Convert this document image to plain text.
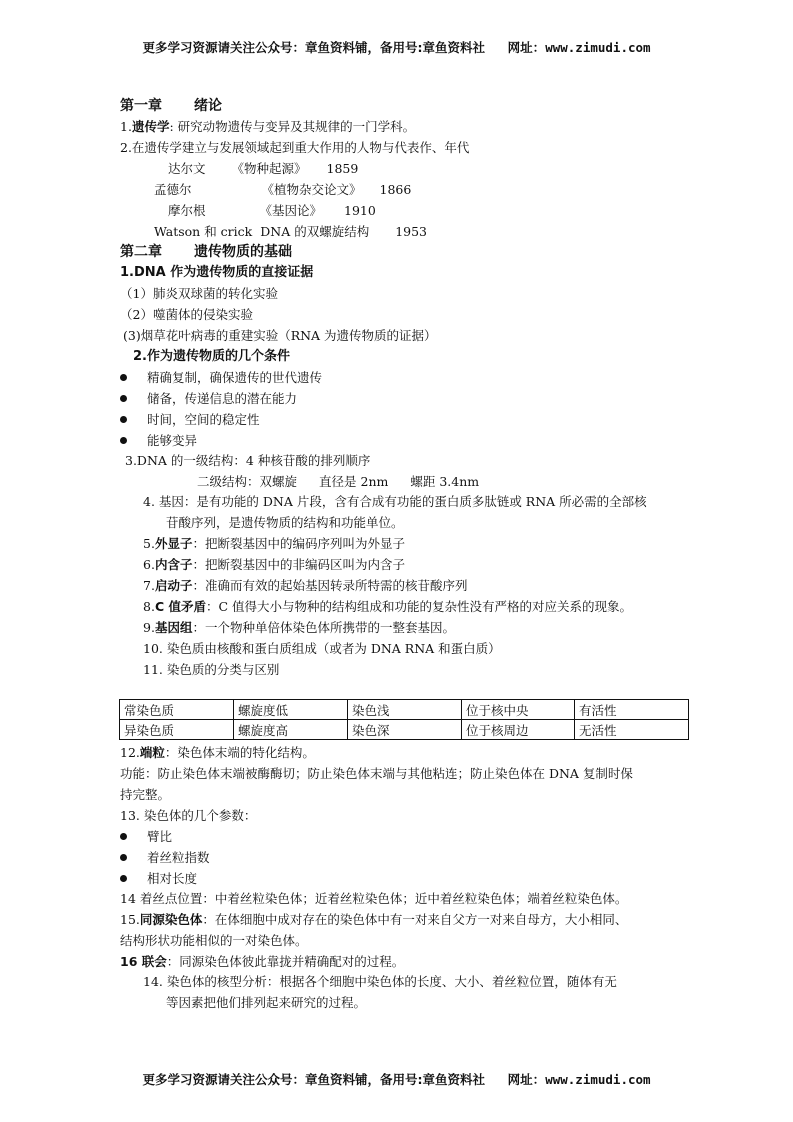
更多学习资源请关注公众号：章鱼资料铺，备用号:章鱼资料社 网址：www.zimudi.com
第一章 绪论
1.遗传学: 研究动物遗传与变异及其规律的一门学科。
2.在遗传学建立与发展领域起到重大作用的人物与代表作、年代
达尔文 《物种起源》 1859
孟德尔	《植物杂交论文》 1866
摩尔根	《基因论》 1910
Watson 和 crick DNA 的双螺旋结构 1953
第二章 遗传物质的基础
1.DNA 作为遗传物质的直接证据
（1）肺炎双球菌的转化实验
（2）噬菌体的侵染实验
(3)烟草花叶病毒的重建实验（RNA 为遗传物质的证据）
2.作为遗传物质的几个条件
精确复制，确保遗传的世代遗传
储备，传递信息的潜在能力
时间，空间的稳定性
能够变异
3.DNA 的一级结构：4 种核苷酸的排列顺序
二级结构：双螺旋 直径是 2nm 螺距 3.4nm
4. 基因：是有功能的 DNA 片段，含有合成有功能的蛋白质多肽链或 RNA 所必需的全部核
苷酸序列，是遗传物质的结构和功能单位。
5.外显子：把断裂基因中的编码序列叫为外显子
6.内含子：把断裂基因中的非编码区叫为内含子
7.启动子：准确而有效的起始基因转录所特需的核苷酸序列
8.C 值矛盾：C 值得大小与物种的结构组成和功能的复杂性没有严格的对应关系的现象。
9.基因组：一个物种单倍体染色体所携带的一整套基因。
10. 染色质由核酸和蛋白质组成（或者为 DNA RNA 和蛋白质）
11. 染色质的分类与区别
常染色质	螺旋度低	染色浅	位于核中央	有活性
异染色质	螺旋度高	染色深	位于核周边	无活性
12.端粒：染色体末端的特化结构。
功能：防止染色体末端被酶酶切；防止染色体末端与其他粘连；防止染色体在 DNA 复制时保
持完整。
13. 染色体的几个参数：
臂比
着丝粒指数
相对长度
14 着丝点位置：中着丝粒染色体；近着丝粒染色体；近中着丝粒染色体；端着丝粒染色体。
15.同源染色体：在体细胞中成对存在的染色体中有一对来自父方一对来自母方，大小相同、
结构形状功能相似的一对染色体。
16 联会：同源染色体彼此靠拢并精确配对的过程。
14. 染色体的核型分析：根据各个细胞中染色体的长度、大小、着丝粒位置，随体有无
等因素把他们排列起来研究的过程。
更多学习资源请关注公众号：章鱼资料铺，备用号:章鱼资料社 网址：www.zimudi.com
